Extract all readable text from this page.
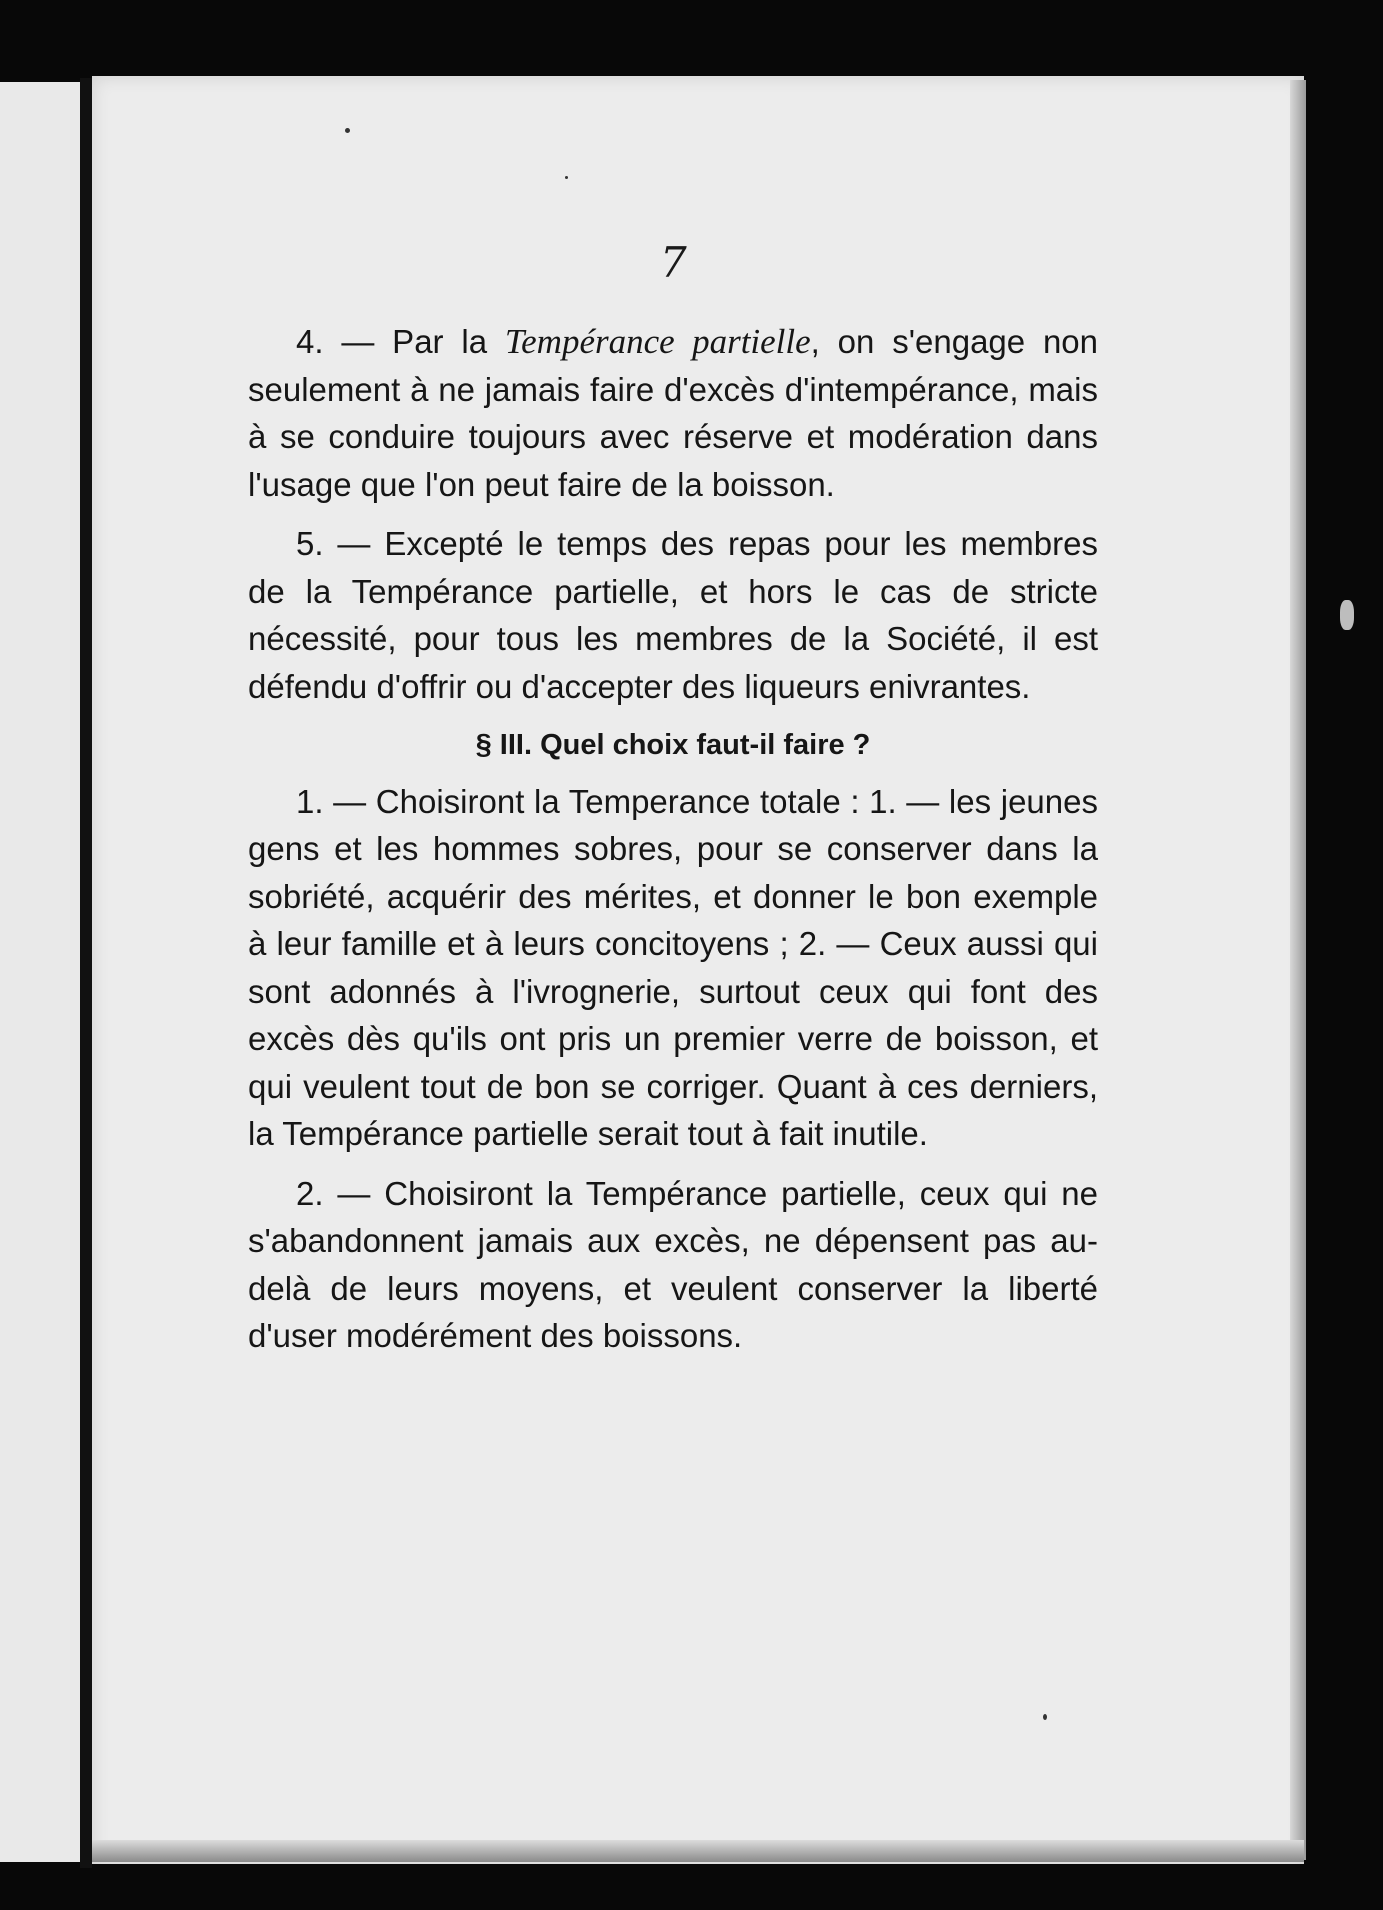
7

4. — Par la Tempérance partielle, on s'engage non seulement à ne jamais faire d'excès d'intempérance, mais à se conduire toujours avec réserve et modération dans l'usage que l'on peut faire de la boisson.

5. — Excepté le temps des repas pour les membres de la Tempérance partielle, et hors le cas de stricte nécessité, pour tous les membres de la Société, il est défendu d'offrir ou d'accepter des liqueurs enivrantes.

§ III. Quel choix faut-il faire ?

1. — Choisiront la Temperance totale : 1. — les jeunes gens et les hommes sobres, pour se conserver dans la sobriété, acquérir des mérites, et donner le bon exemple à leur famille et à leurs concitoyens ; 2. — Ceux aussi qui sont adonnés à l'ivrognerie, surtout ceux qui font des excès dès qu'ils ont pris un premier verre de boisson, et qui veulent tout de bon se corriger. Quant à ces derniers, la Tempérance partielle serait tout à fait inutile.

2. — Choisiront la Tempérance partielle, ceux qui ne s'abandonnent jamais aux excès, ne dépensent pas au-delà de leurs moyens, et veulent conserver la liberté d'user modérément des boissons.
